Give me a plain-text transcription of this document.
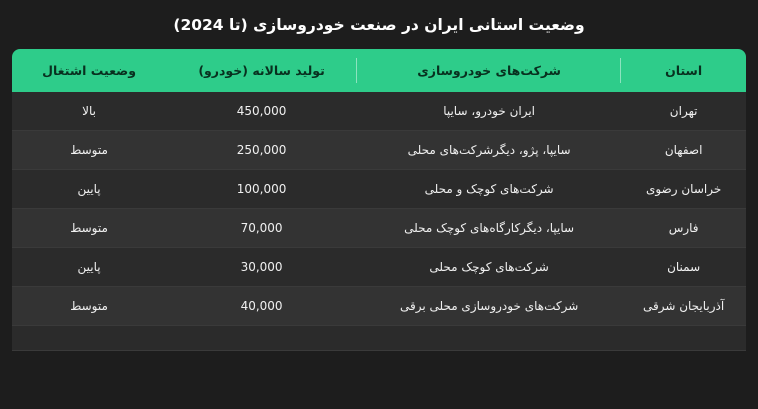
وضعیت استانی ایران در صنعت خودروسازی (تا 2024)
استان	شرکت‌های خودروسازی	تولید سالانه (خودرو)	وضعیت اشتغال
تهران	ایران خودرو، سایپا	450,000	بالا
اصفهان	سایپا، پژو، دیگرشرکت‌های محلی	250,000	متوسط
خراسان رضوی	شرکت‌های کوچک و محلی	100,000	پایین
فارس	سایپا، دیگرکارگاه‌های کوچک محلی	70,000	متوسط
سمنان	شرکت‌های کوچک محلی	30,000	پایین
آذربایجان شرقی	شرکت‌های خودروسازی محلی برقی	40,000	متوسط
